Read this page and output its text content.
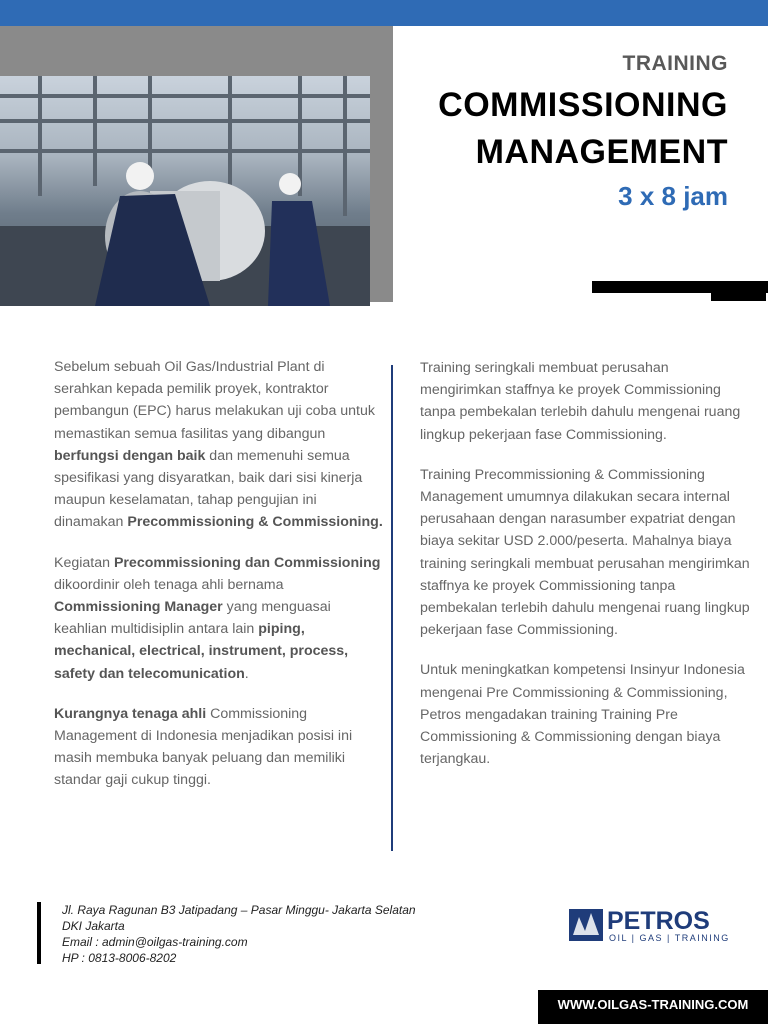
TRAINING
COMMISSIONING
MANAGEMENT
3 x 8 jam

Sebelum sebuah Oil Gas/Industrial Plant di serahkan kepada pemilik proyek, kontraktor pembangun (EPC) harus melakukan uji coba untuk memastikan semua fasilitas yang dibangun berfungsi dengan baik dan memenuhi semua spesifikasi yang disyaratkan, baik dari sisi kinerja maupun keselamatan, tahap pengujian ini dinamakan Precommissioning & Commissioning.

Kegiatan Precommissioning dan Commissioning dikoordinir oleh tenaga ahli bernama Commissioning Manager yang menguasai keahlian multidisiplin antara lain piping, mechanical, electrical, instrument, process, safety dan telecomunication.

Kurangnya tenaga ahli Commissioning Management di Indonesia menjadikan posisi ini masih membuka banyak peluang dan memiliki standar gaji cukup tinggi.

Training seringkali membuat perusahan mengirimkan staffnya ke proyek Commissioning tanpa pembekalan terlebih dahulu mengenai ruang lingkup pekerjaan fase Commissioning.

Training Precommissioning & Commissioning Management umumnya dilakukan secara internal perusahaan dengan narasumber expatriat dengan biaya sekitar USD 2.000/peserta. Mahalnya biaya training seringkali membuat perusahan mengirimkan staffnya ke proyek Commissioning tanpa pembekalan terlebih dahulu mengenai ruang lingkup pekerjaan fase Commissioning.

Untuk meningkatkan kompetensi Insinyur Indonesia mengenai Pre Commissioning & Commissioning, Petros mengadakan training Training Pre Commissioning & Commissioning dengan biaya terjangkau.

Jl. Raya Ragunan B3 Jatipadang – Pasar Minggu- Jakarta Selatan
DKI Jakarta
Email : admin@oilgas-training.com
HP : 0813-8006-8202
PETROS
OIL | GAS | TRAINING
WWW.OILGAS-TRAINING.COM
